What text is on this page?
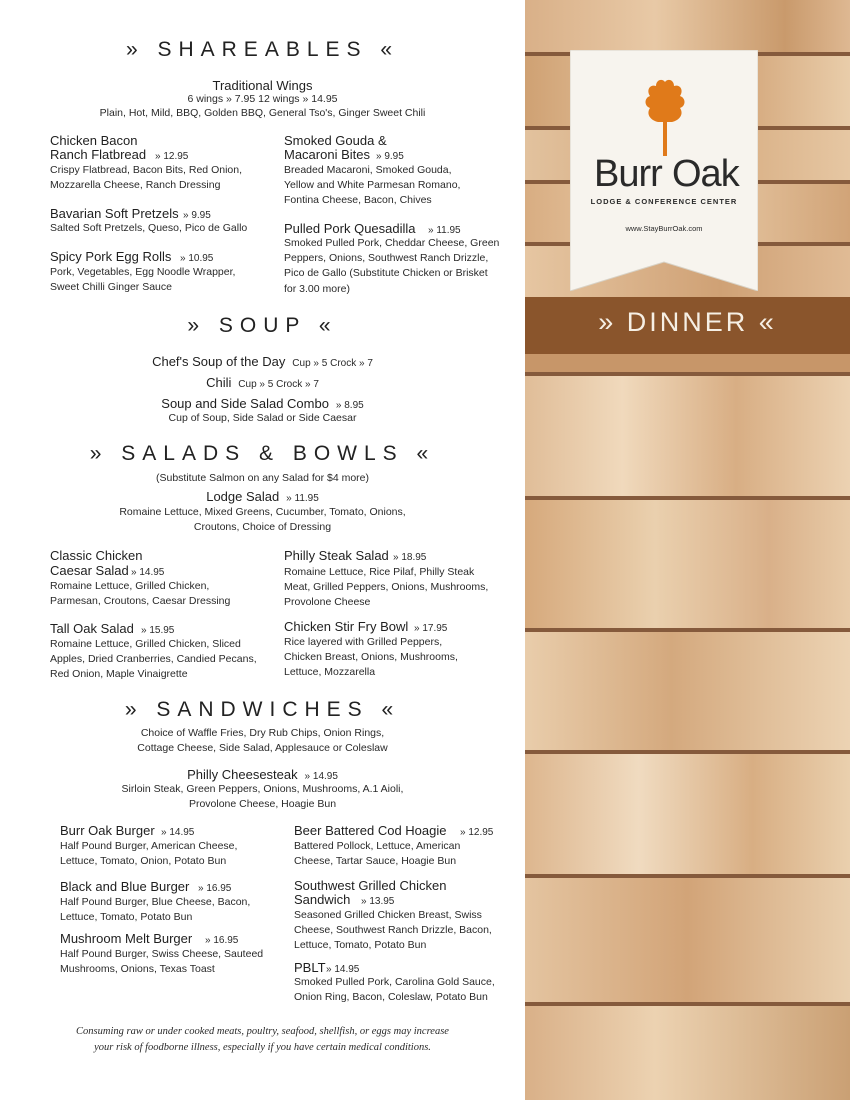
» SHAREABLES «
Traditional Wings
6 wings » 7.95 12 wings » 14.95
Plain, Hot, Mild, BBQ, Golden BBQ, General Tso's, Ginger Sweet Chili
Chicken Bacon
Ranch Flatbread » 12.95
Crispy Flatbread, Bacon Bits, Red Onion, Mozzarella Cheese, Ranch Dressing
Bavarian Soft Pretzels » 9.95
Salted Soft Pretzels, Queso, Pico de Gallo
Spicy Pork Egg Rolls » 10.95
Pork, Vegetables, Egg Noodle Wrapper, Sweet Chilli Ginger Sauce
Smoked Gouda &
Macaroni Bites » 9.95
Breaded Macaroni, Smoked Gouda, Yellow and White Parmesan Romano, Fontina Cheese, Bacon, Chives
Pulled Pork Quesadilla » 11.95
Smoked Pulled Pork, Cheddar Cheese, Green Peppers, Onions, Southwest Ranch Drizzle, Pico de Gallo (Substitute Chicken or Brisket for 3.00 more)
» SOUP «
Chef's Soup of the Day Cup » 5 Crock » 7
Chili Cup » 5 Crock » 7
Soup and Side Salad Combo » 8.95
Cup of Soup, Side Salad or Side Caesar
» SALADS & BOWLS «
(Substitute Salmon on any Salad for $4 more)
Lodge Salad » 11.95
Romaine Lettuce, Mixed Greens, Cucumber, Tomato, Onions, Croutons, Choice of Dressing
Classic Chicken
Caesar Salad » 14.95
Romaine Lettuce, Grilled Chicken, Parmesan, Croutons, Caesar Dressing
Tall Oak Salad » 15.95
Romaine Lettuce, Grilled Chicken, Sliced Apples, Dried Cranberries, Candied Pecans, Red Onion, Maple Vinaigrette
Philly Steak Salad » 18.95
Romaine Lettuce, Rice Pilaf, Philly Steak Meat, Grilled Peppers, Onions, Mushrooms, Provolone Cheese
Chicken Stir Fry Bowl » 17.95
Rice layered with Grilled Peppers, Chicken Breast, Onions, Mushrooms, Lettuce, Mozzarella
» SANDWICHES «
Choice of Waffle Fries, Dry Rub Chips, Onion Rings, Cottage Cheese, Side Salad, Applesauce or Coleslaw
Philly Cheesesteak » 14.95
Sirloin Steak, Green Peppers, Onions, Mushrooms, A.1 Aioli, Provolone Cheese, Hoagie Bun
Burr Oak Burger » 14.95
Half Pound Burger, American Cheese, Lettuce, Tomato, Onion, Potato Bun
Black and Blue Burger » 16.95
Half Pound Burger, Blue Cheese, Bacon, Lettuce, Tomato, Potato Bun
Mushroom Melt Burger » 16.95
Half Pound Burger, Swiss Cheese, Sauteed Mushrooms, Onions, Texas Toast
Beer Battered Cod Hoagie » 12.95
Battered Pollock, Lettuce, American Cheese, Tartar Sauce, Hoagie Bun
Southwest Grilled Chicken
Sandwich » 13.95
Seasoned Grilled Chicken Breast, Swiss Cheese, Southwest Ranch Drizzle, Bacon, Lettuce, Tomato, Potato Bun
PBLT » 14.95
Smoked Pulled Pork, Carolina Gold Sauce, Onion Ring, Bacon, Coleslaw, Potato Bun
Consuming raw or under cooked meats, poultry, seafood, shellfish, or eggs may increase
your risk of foodborne illness, especially if you have certain medical conditions.
» DINNER «
Burr Oak
LODGE & CONFERENCE CENTER
www.StayBurrOak.com
